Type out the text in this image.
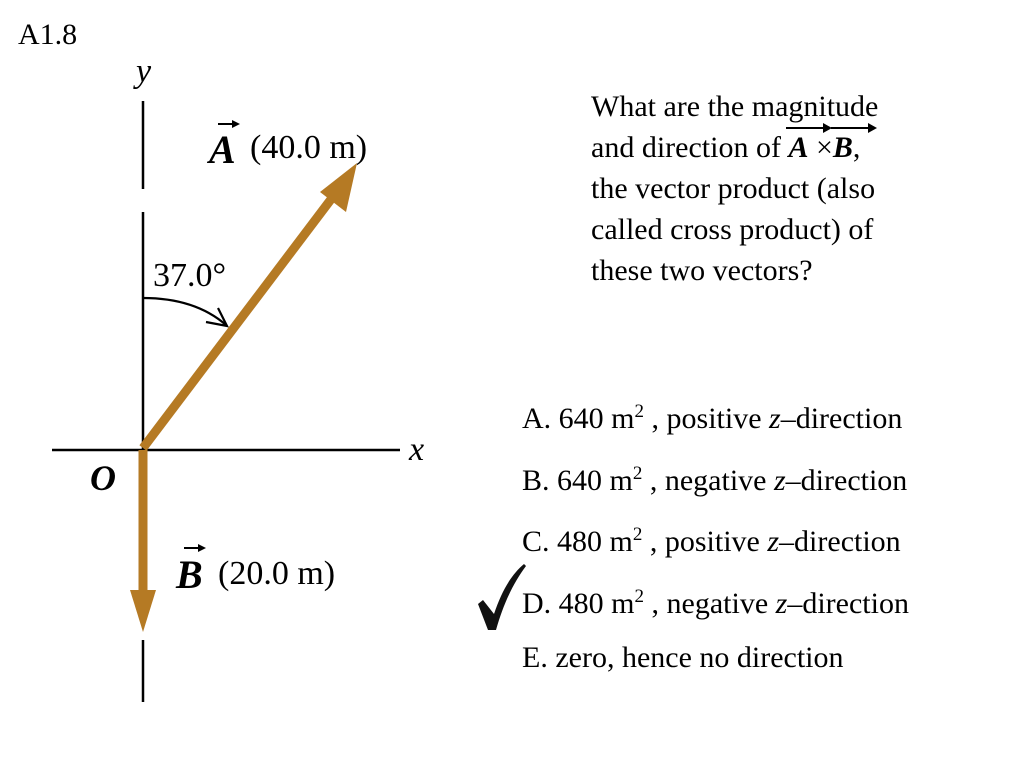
A1.8
y
x
O
37.0°
A (40.0 m)
B (20.0 m)
What are the magnitude
and direction of
A ×
B,
the vector product (also
called cross product) of
these two vectors?
A. 640 $m^2$ , positive z–direction
B. 640 $m^2$ , negative z–direction
C. 480 $m^2$ , positive z–direction
D. 480 $m^2$ , negative z–direction
E. zero, hence no direction
